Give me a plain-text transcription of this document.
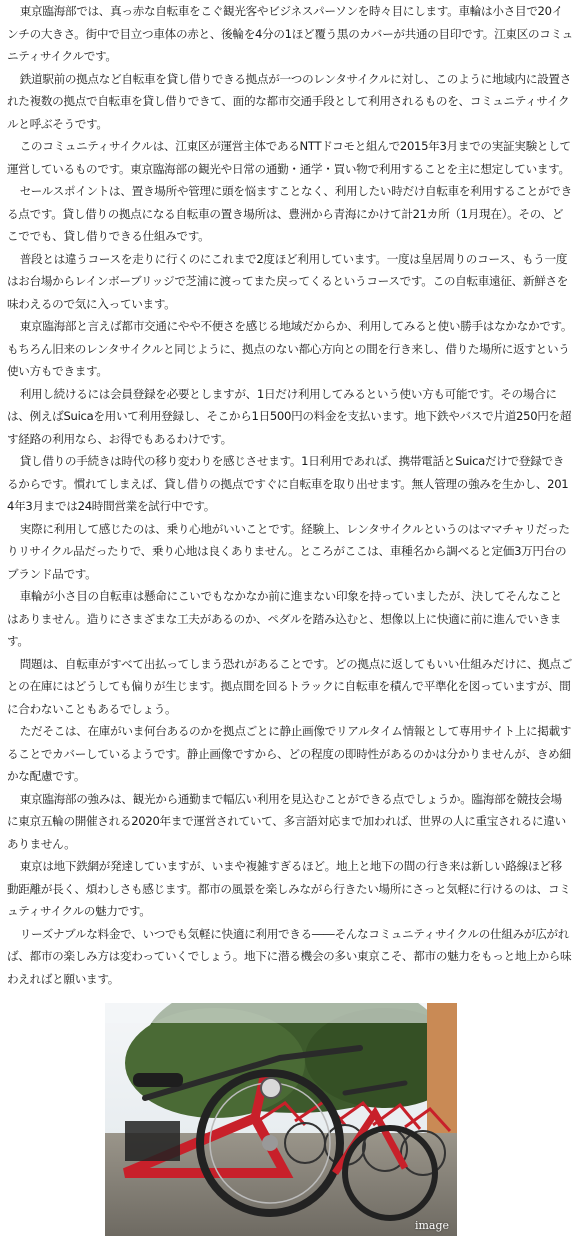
東京臨海部では、真っ赤な自転車をこぐ観光客やビジネスパーソンを時々目にします。車輪は小さ目で20インチの大きさ。街中で目立つ車体の赤と、後輪を4分の1ほど覆う黒のカバーが共通の目印です。江東区のコミュニティサイクルです。

鉄道駅前の拠点など自転車を貸し借りできる拠点が一つのレンタサイクルに対し、このように地域内に設置された複数の拠点で自転車を貸し借りできて、面的な都市交通手段として利用されるものを、コミュニティサイクルと呼ぶそうです。

このコミュニティサイクルは、江東区が運営主体であるNTTドコモと組んで2015年3月までの実証実験として運営しているものです。東京臨海部の観光や日常の通勤・通学・買い物で利用することを主に想定しています。

セールスポイントは、置き場所や管理に頭を悩ますことなく、利用したい時だけ自転車を利用することができる点です。貸し借りの拠点になる自転車の置き場所は、豊洲から青海にかけて計21カ所（1月現在）。その、どこででも、貸し借りできる仕組みです。

普段とは違うコースを走りに行くのにこれまで2度ほど利用しています。一度は皇居周りのコース、もう一度はお台場からレインボーブリッジで芝浦に渡ってまた戻ってくるというコースです。この自転車遠征、新鮮さを味わえるので気に入っています。

東京臨海部と言えば都市交通にやや不便さを感じる地域だからか、利用してみると使い勝手はなかなかです。もちろん旧来のレンタサイクルと同じように、拠点のない都心方向との間を行き来し、借りた場所に返すという使い方もできます。

利用し続けるには会員登録を必要としますが、1日だけ利用してみるという使い方も可能です。その場合には、例えばSuicaを用いて利用登録し、そこから1日500円の料金を支払います。地下鉄やバスで片道250円を超す経路の利用なら、お得でもあるわけです。

貸し借りの手続きは時代の移り変わりを感じさせます。1日利用であれば、携帯電話とSuicaだけで登録できるからです。慣れてしまえば、貸し借りの拠点ですぐに自転車を取り出せます。無人管理の強みを生かし、2014年3月までは24時間営業を試行中です。

実際に利用して感じたのは、乗り心地がいいことです。経験上、レンタサイクルというのはママチャリだったりリサイクル品だったりで、乗り心地は良くありません。ところがここは、車種名から調べると定価3万円台のブランド品です。

車輪が小さ目の自転車は懸命にこいでもなかなか前に進まない印象を持っていましたが、決してそんなことはありません。造りにさまざまな工夫があるのか、ペダルを踏み込むと、想像以上に快適に前に進んでいきます。

問題は、自転車がすべて出払ってしまう恐れがあることです。どの拠点に返してもいい仕組みだけに、拠点ごとの在庫にはどうしても偏りが生じます。拠点間を回るトラックに自転車を積んで平準化を図っていますが、間に合わないこともあるでしょう。

ただそこは、在庫がいま何台あるのかを拠点ごとに静止画像でリアルタイム情報として専用サイト上に掲載することでカバーしているようです。静止画像ですから、どの程度の即時性があるのかは分かりませんが、きめ細かな配慮です。

東京臨海部の強みは、観光から通勤まで幅広い利用を見込むことができる点でしょうか。臨海部を競技会場に東京五輪の開催される2020年まで運営されていて、多言語対応まで加われば、世界の人に重宝されるに違いありません。

東京は地下鉄網が発達していますが、いまや複雑すぎるほど。地上と地下の間の行き来は新しい路線ほど移動距離が長く、煩わしさも感じます。都市の風景を楽しみながら行きたい場所にさっと気軽に行けるのは、コミュティサイクルの魅力です。

リーズナブルな料金で、いつでも気軽に快適に利用できる――そんなコミュニティサイクルの仕組みが広がれば、都市の楽しみ方は変わっていくでしょう。地下に潜る機会の多い東京こそ、都市の魅力をもっと地上から味わえればと願います。

image
